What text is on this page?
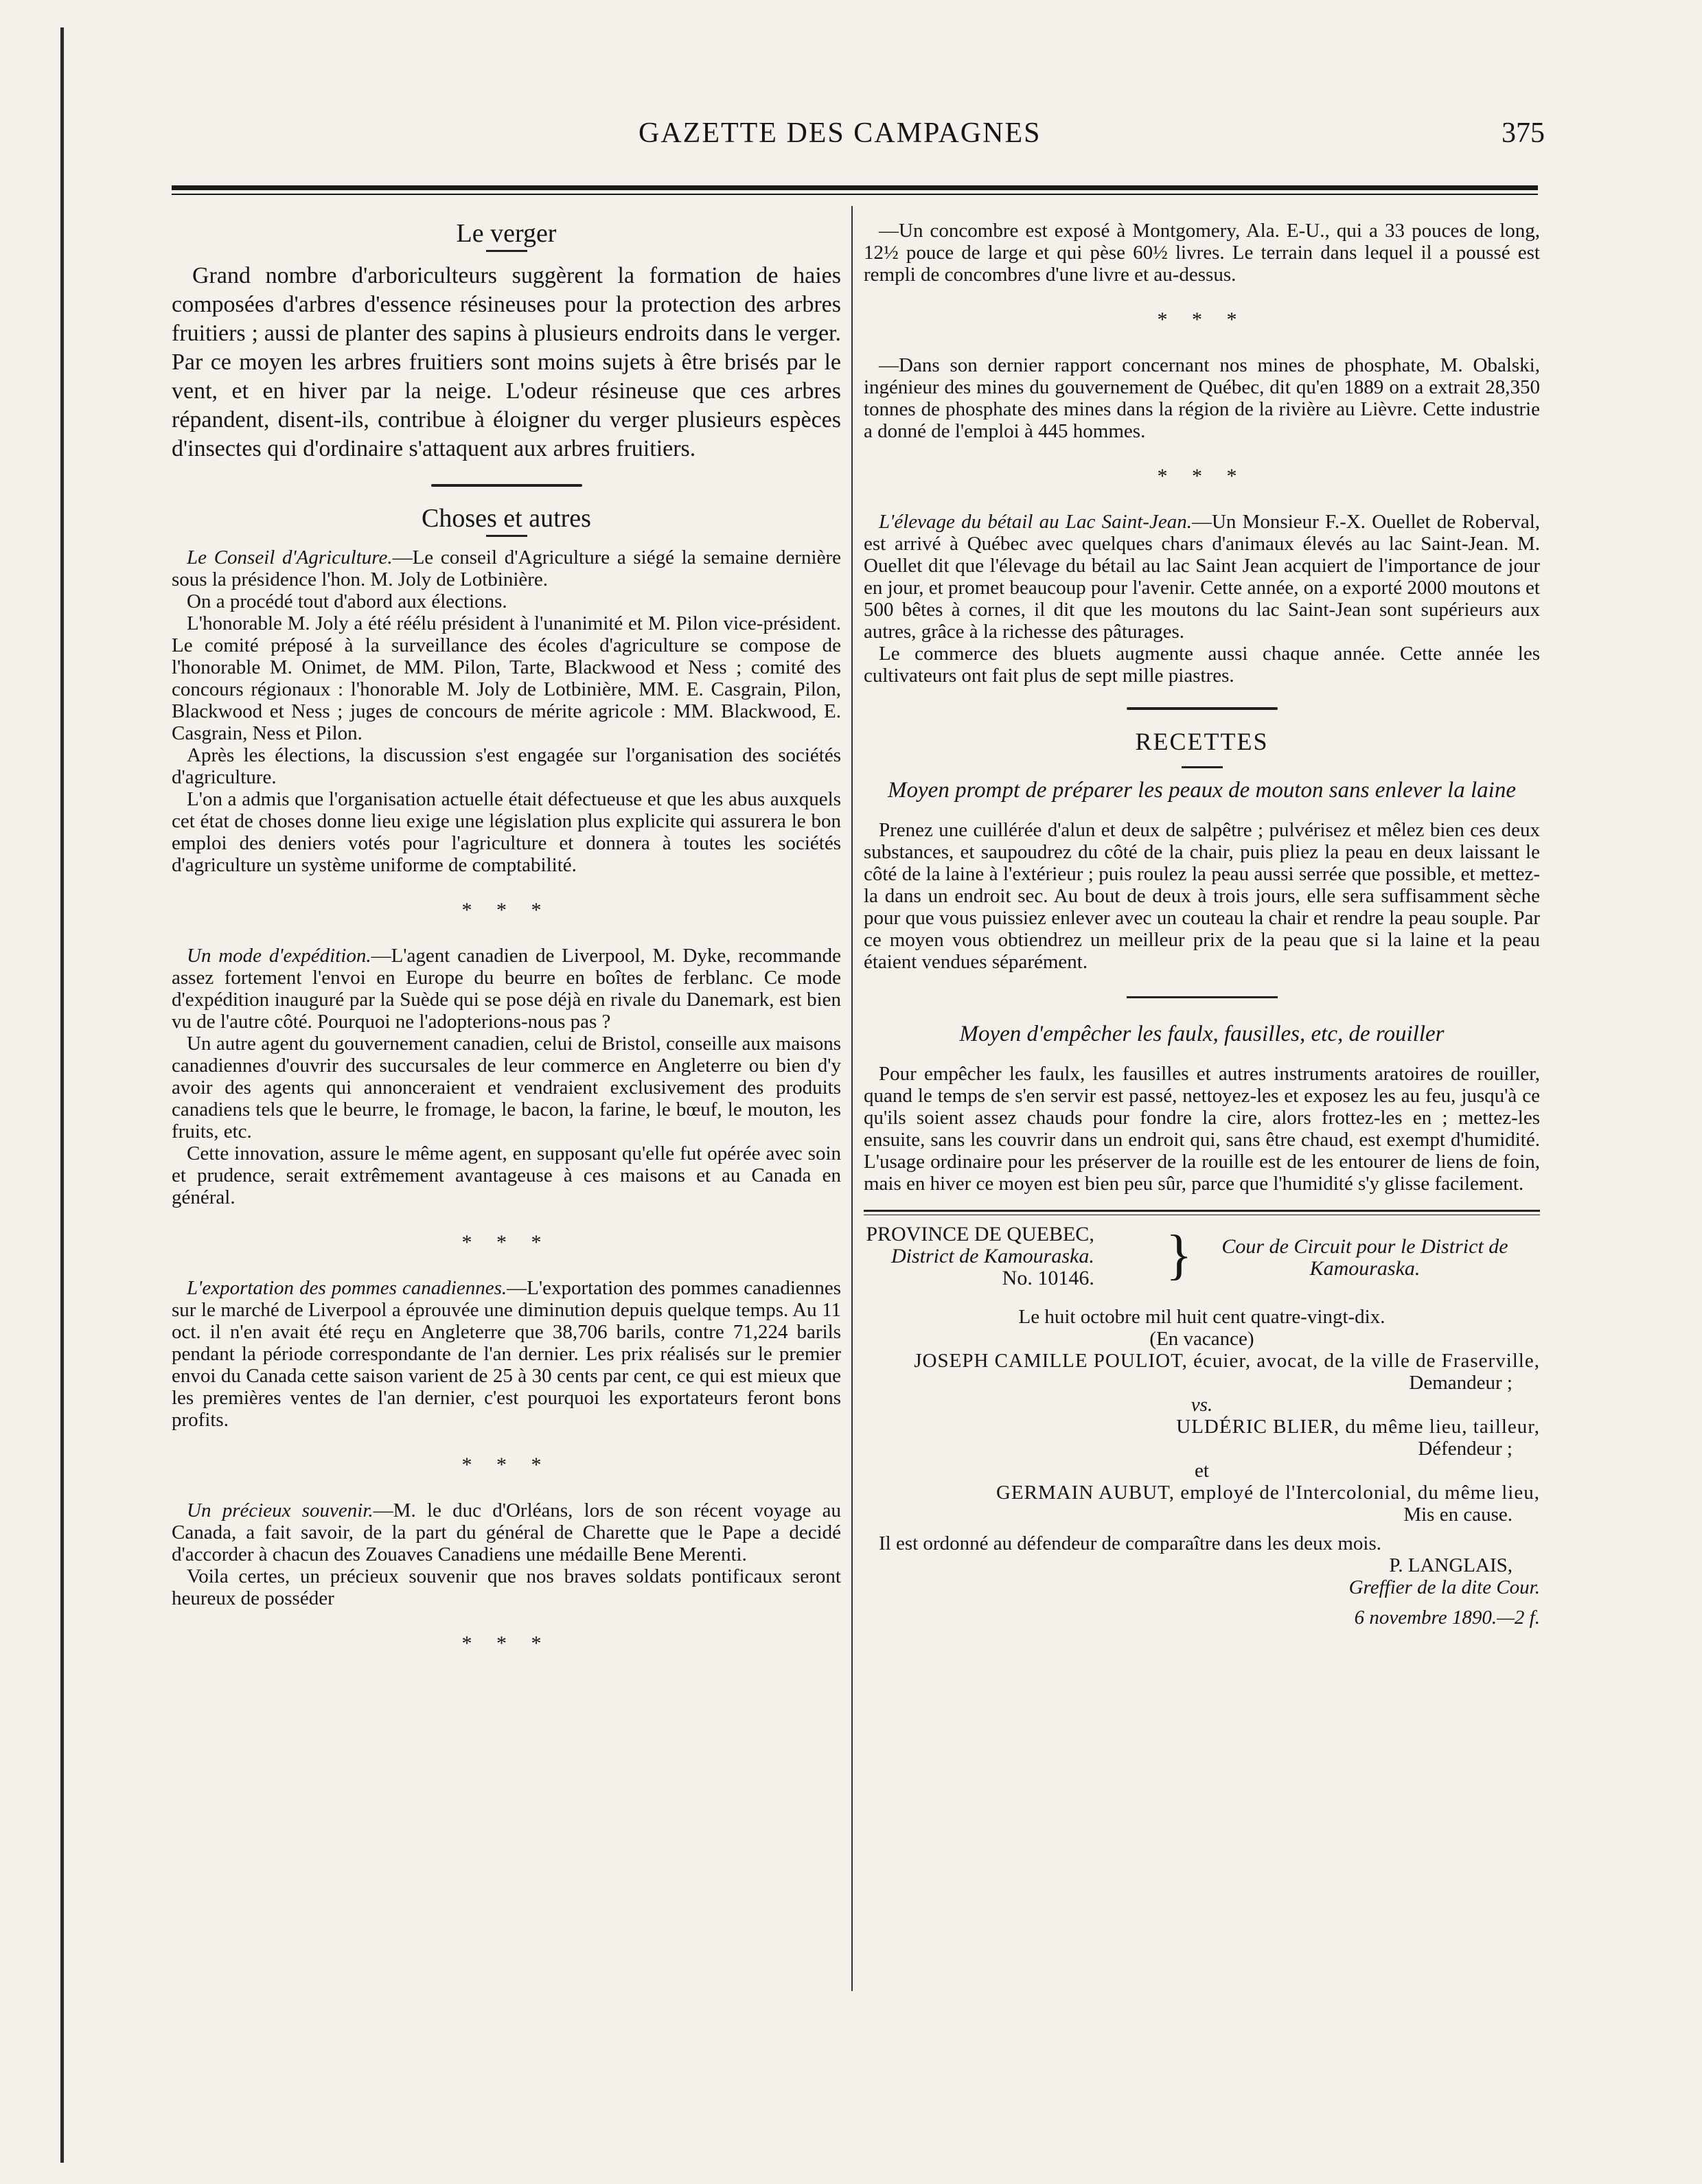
GAZETTE DES CAMPAGNES	375
Le verger

Grand nombre d'arboriculteurs suggèrent la formation de haies composées d'arbres d'essence résineuses pour la protection des arbres fruitiers ; aussi de planter des sapins à plusieurs endroits dans le verger. Par ce moyen les arbres fruitiers sont moins sujets à être brisés par le vent, et en hiver par la neige. L'odeur résineuse que ces arbres répandent, disent-ils, contribue à éloigner du verger plusieurs espèces d'insectes qui d'ordinaire s'attaquent aux arbres fruitiers.

Choses et autres

Le Conseil d'Agriculture.—Le conseil d'Agriculture a siégé la semaine dernière sous la présidence l'hon. M. Joly de Lotbinière.

On a procédé tout d'abord aux élections.

L'honorable M. Joly a été réélu président à l'unanimité et M. Pilon vice-président. Le comité préposé à la surveillance des écoles d'agriculture se compose de l'honorable M. Onimet, de MM. Pilon, Tarte, Blackwood et Ness ; comité des concours régionaux : l'honorable M. Joly de Lotbinière, MM. E. Casgrain, Pilon, Blackwood et Ness ; juges de concours de mérite agricole : MM. Blackwood, E. Casgrain, Ness et Pilon.

Après les élections, la discussion s'est engagée sur l'organisation des sociétés d'agriculture.

L'on a admis que l'organisation actuelle était défectueuse et que les abus auxquels cet état de choses donne lieu exige une législation plus explicite qui assurera le bon emploi des deniers votés pour l'agriculture et donnera à toutes les sociétés d'agriculture un système uniforme de comptabilité.

* * *

Un mode d'expédition.—L'agent canadien de Liverpool, M. Dyke, recommande assez fortement l'envoi en Europe du beurre en boîtes de ferblanc. Ce mode d'expédition inauguré par la Suède qui se pose déjà en rivale du Danemark, est bien vu de l'autre côté. Pourquoi ne l'adopterions-nous pas ?

Un autre agent du gouvernement canadien, celui de Bristol, conseille aux maisons canadiennes d'ouvrir des succursales de leur commerce en Angleterre ou bien d'y avoir des agents qui annonceraient et vendraient exclusivement des produits canadiens tels que le beurre, le fromage, le bacon, la farine, le bœuf, le mouton, les fruits, etc.

Cette innovation, assure le même agent, en supposant qu'elle fut opérée avec soin et prudence, serait extrêmement avantageuse à ces maisons et au Canada en général.

* * *

L'exportation des pommes canadiennes.—L'exportation des pommes canadiennes sur le marché de Liverpool a éprouvée une diminution depuis quelque temps. Au 11 oct. il n'en avait été reçu en Angleterre que 38,706 barils, contre 71,224 barils pendant la période correspondante de l'an dernier. Les prix réalisés sur le premier envoi du Canada cette saison varient de 25 à 30 cents par cent, ce qui est mieux que les premières ventes de l'an dernier, c'est pourquoi les exportateurs feront bons profits.

* * *

Un précieux souvenir.—M. le duc d'Orléans, lors de son récent voyage au Canada, a fait savoir, de la part du général de Charette que le Pape a decidé d'accorder à chacun des Zouaves Canadiens une médaille Bene Merenti.

Voila certes, un précieux souvenir que nos braves soldats pontificaux seront heureux de posséder

* * *

—Un concombre est exposé à Montgomery, Ala. E-U., qui a 33 pouces de long, 12½ pouce de large et qui pèse 60½ livres. Le terrain dans lequel il a poussé est rempli de concombres d'une livre et au-dessus.

* * *

—Dans son dernier rapport concernant nos mines de phosphate, M. Obalski, ingénieur des mines du gouvernement de Québec, dit qu'en 1889 on a extrait 28,350 tonnes de phosphate des mines dans la région de la rivière au Lièvre. Cette industrie a donné de l'emploi à 445 hommes.

* * *

L'élevage du bétail au Lac Saint-Jean.—Un Monsieur F.-X. Ouellet de Roberval, est arrivé à Québec avec quelques chars d'animaux élevés au lac Saint-Jean. M. Ouellet dit que l'élevage du bétail au lac Saint Jean acquiert de l'importance de jour en jour, et promet beaucoup pour l'avenir. Cette année, on a exporté 2000 moutons et 500 bêtes à cornes, il dit que les moutons du lac Saint-Jean sont supérieurs aux autres, grâce à la richesse des pâturages.

Le commerce des bluets augmente aussi chaque année. Cette année les cultivateurs ont fait plus de sept mille piastres.

RECETTES
Moyen prompt de préparer les peaux de mouton sans enlever la laine

Prenez une cuillérée d'alun et deux de salpêtre ; pulvérisez et mêlez bien ces deux substances, et saupoudrez du côté de la chair, puis pliez la peau en deux laissant le côté de la laine à l'extérieur ; puis roulez la peau aussi serrée que possible, et mettez-la dans un endroit sec. Au bout de deux à trois jours, elle sera suffisamment sèche pour que vous puissiez enlever avec un couteau la chair et rendre la peau souple. Par ce moyen vous obtiendrez un meilleur prix de la peau que si la laine et la peau étaient vendues séparément.

Moyen d'empêcher les faulx, fausilles, etc, de rouiller

Pour empêcher les faulx, les fausilles et autres instruments aratoires de rouiller, quand le temps de s'en servir est passé, nettoyez-les et exposez les au feu, jusqu'à ce qu'ils soient assez chauds pour fondre la cire, alors frottez-les en ; mettez-les ensuite, sans les couvrir dans un endroit qui, sans être chaud, est exempt d'humidité. L'usage ordinaire pour les préserver de la rouille est de les entourer de liens de foin, mais en hiver ce moyen est bien peu sûr, parce que l'humidité s'y glisse facilement.

PROVINCE DE QUEBEC,
District de Kamouraska.
No. 10146. }	Cour de Circuit pour le District de Kamouraska.
Le huit octobre mil huit cent quatre-vingt-dix.
(En vacance)
JOSEPH CAMILLE POULIOT, écuier, avocat, de la ville de Fraserville,
Demandeur ;
vs.
ULDÉRIC BLIER, du même lieu, tailleur,
Défendeur ;
et
GERMAIN AUBUT, employé de l'Intercolonial, du même lieu,
Mis en cause.

Il est ordonné au défendeur de comparaître dans les deux mois.

P. LANGLAIS,
Greffier de la dite Cour.
6 novembre 1890.—2 f.
